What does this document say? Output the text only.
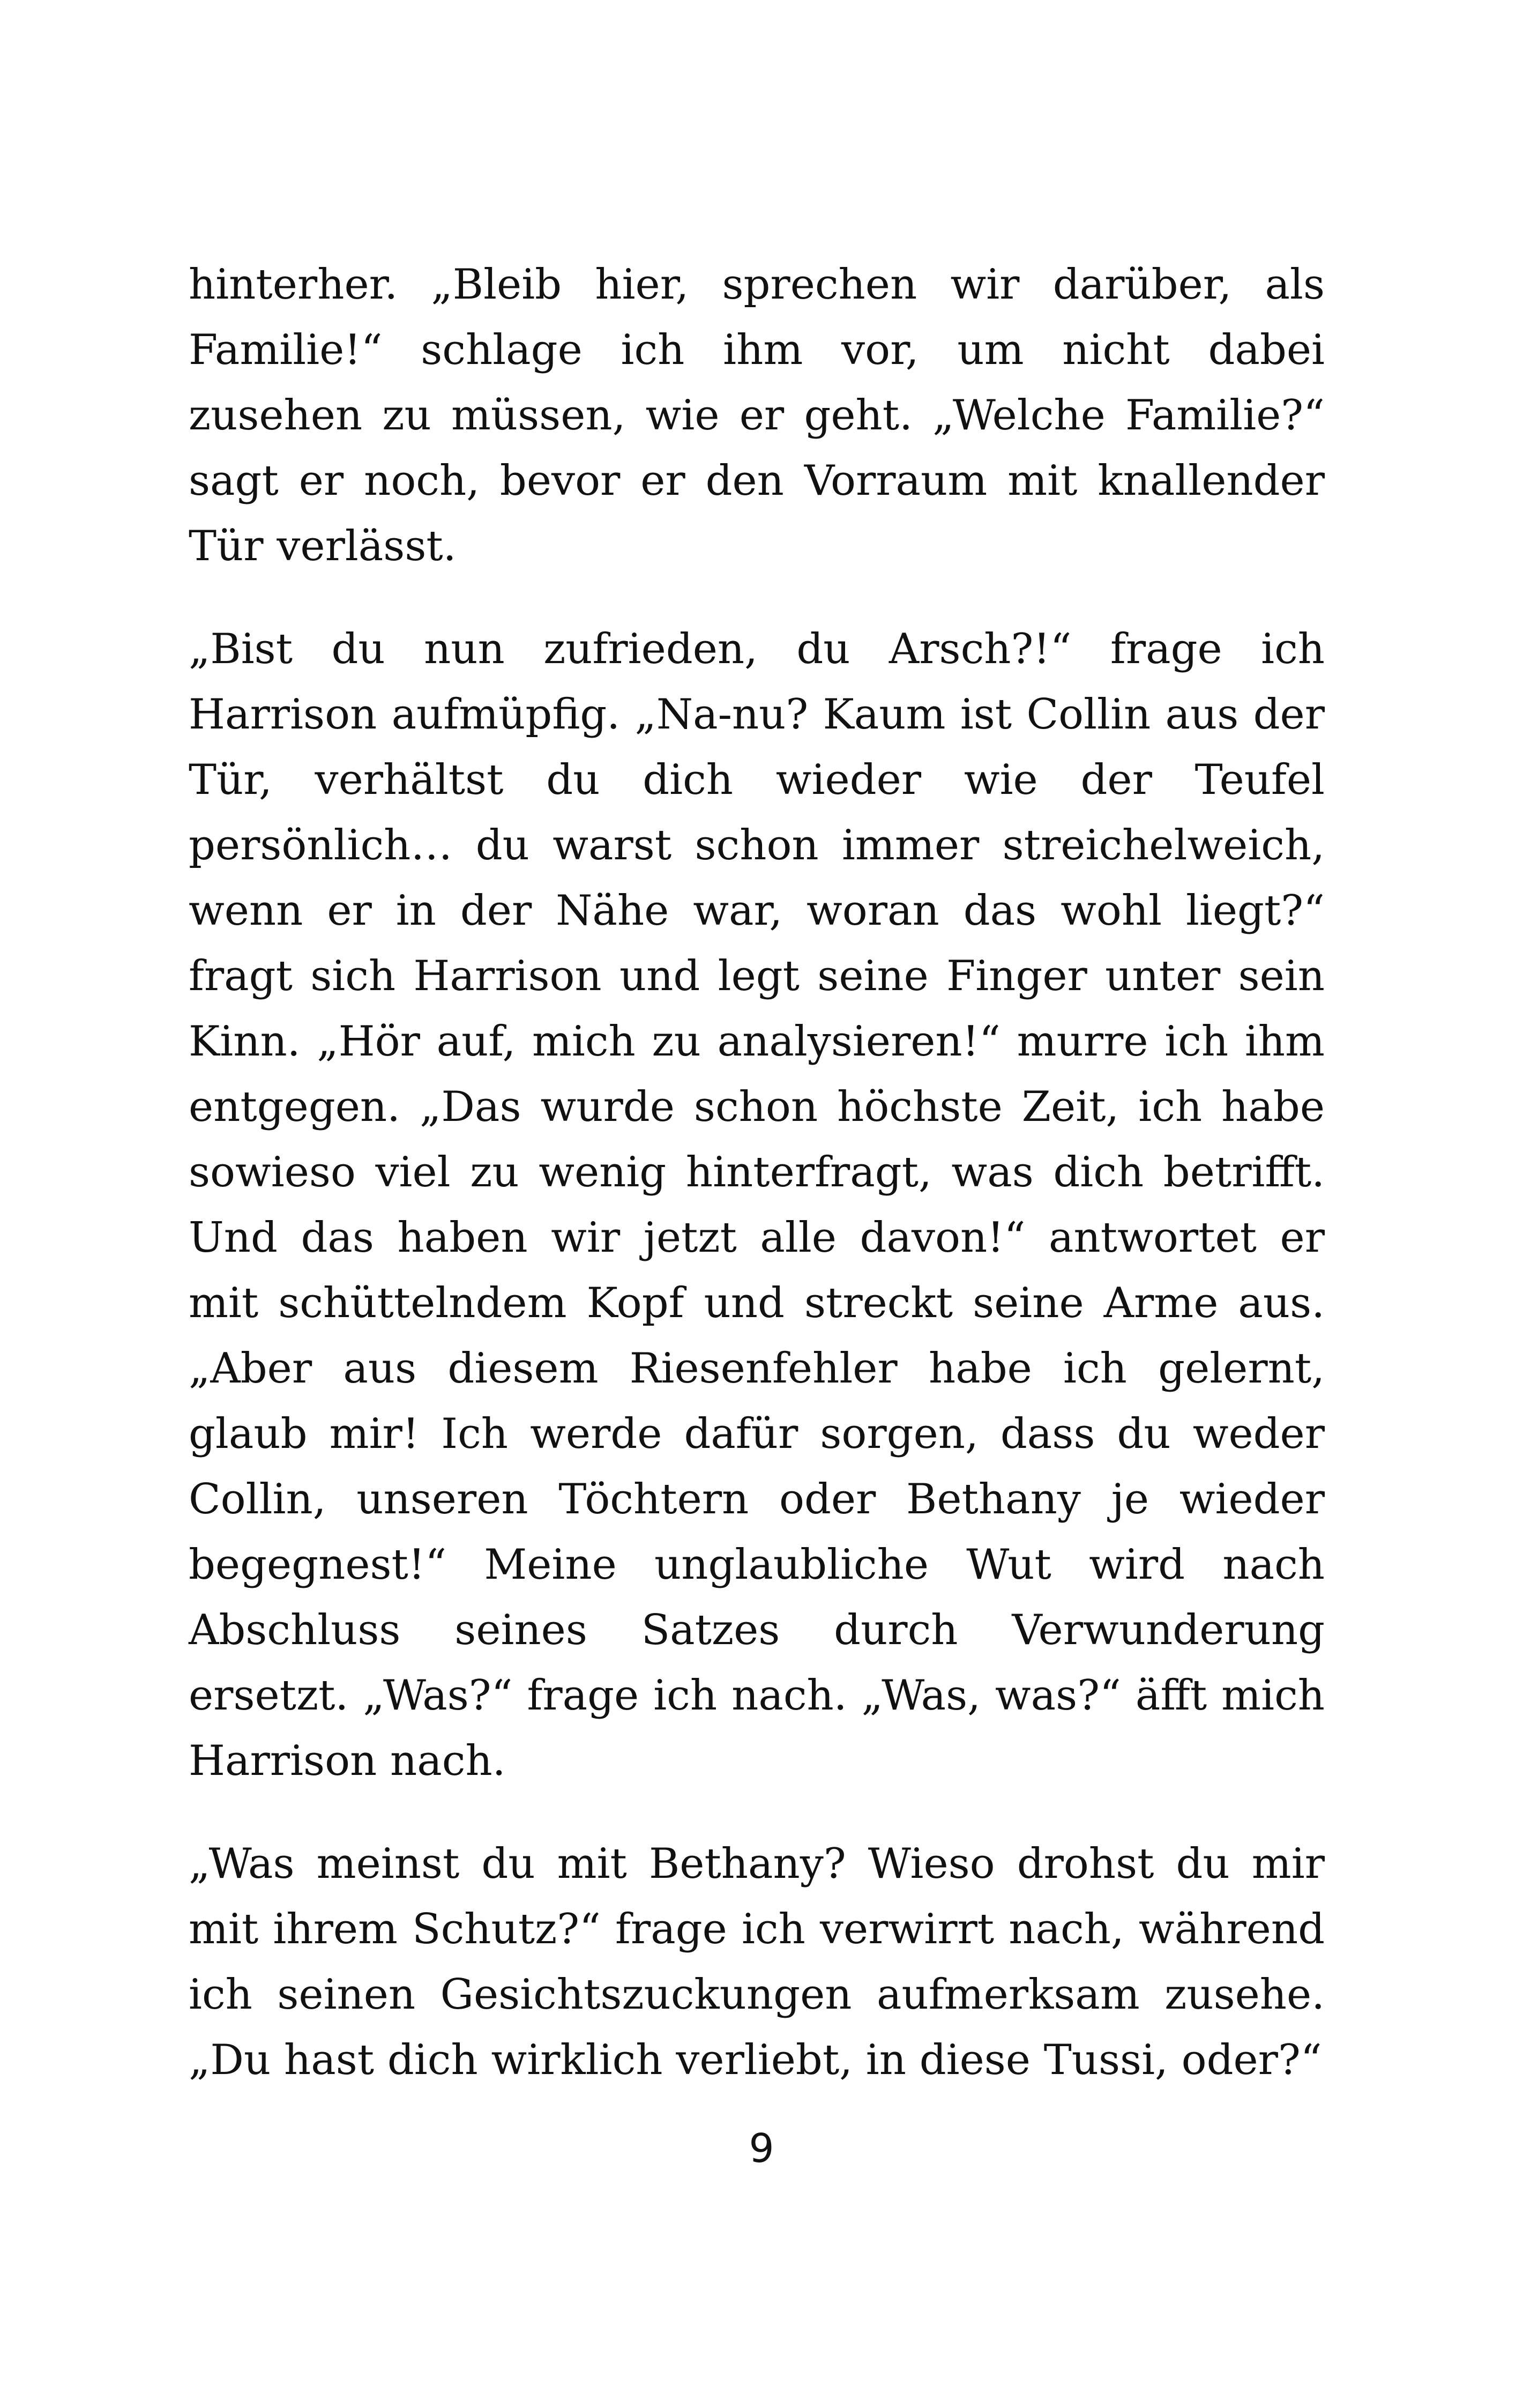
hinterher. „Bleib hier, sprechen wir darüber, als Familie!“ schlage ich ihm vor, um nicht dabei zusehen zu müssen, wie er geht. „Welche Familie?“ sagt er noch, bevor er den Vorraum mit knallender Tür verlässt.

„Bist du nun zufrieden, du Arsch?!“ frage ich Harrison aufmüpfig. „Na-nu? Kaum ist Collin aus der Tür, verhältst du dich wieder wie der Teufel persönlich… du warst schon immer streichelweich, wenn er in der Nähe war, woran das wohl liegt?“ fragt sich Harrison und legt seine Finger unter sein Kinn. „Hör auf, mich zu analysieren!“ murre ich ihm entgegen. „Das wurde schon höchste Zeit, ich habe sowieso viel zu wenig hinterfragt, was dich betrifft. Und das haben wir jetzt alle davon!“ antwortet er mit schüttelndem Kopf und streckt seine Arme aus. „Aber aus diesem Riesenfehler habe ich gelernt, glaub mir! Ich werde dafür sorgen, dass du weder Collin, unseren Töchtern oder Bethany je wieder begegnest!“ Meine unglaubliche Wut wird nach Abschluss seines Satzes durch Verwunderung ersetzt. „Was?“ frage ich nach. „Was, was?“ äfft mich Harrison nach.

„Was meinst du mit Bethany? Wieso drohst du mir mit ihrem Schutz?“ frage ich verwirrt nach, während ich seinen Gesichtszuckungen aufmerksam zusehe. „Du hast dich wirklich verliebt, in diese Tussi, oder?“

9
